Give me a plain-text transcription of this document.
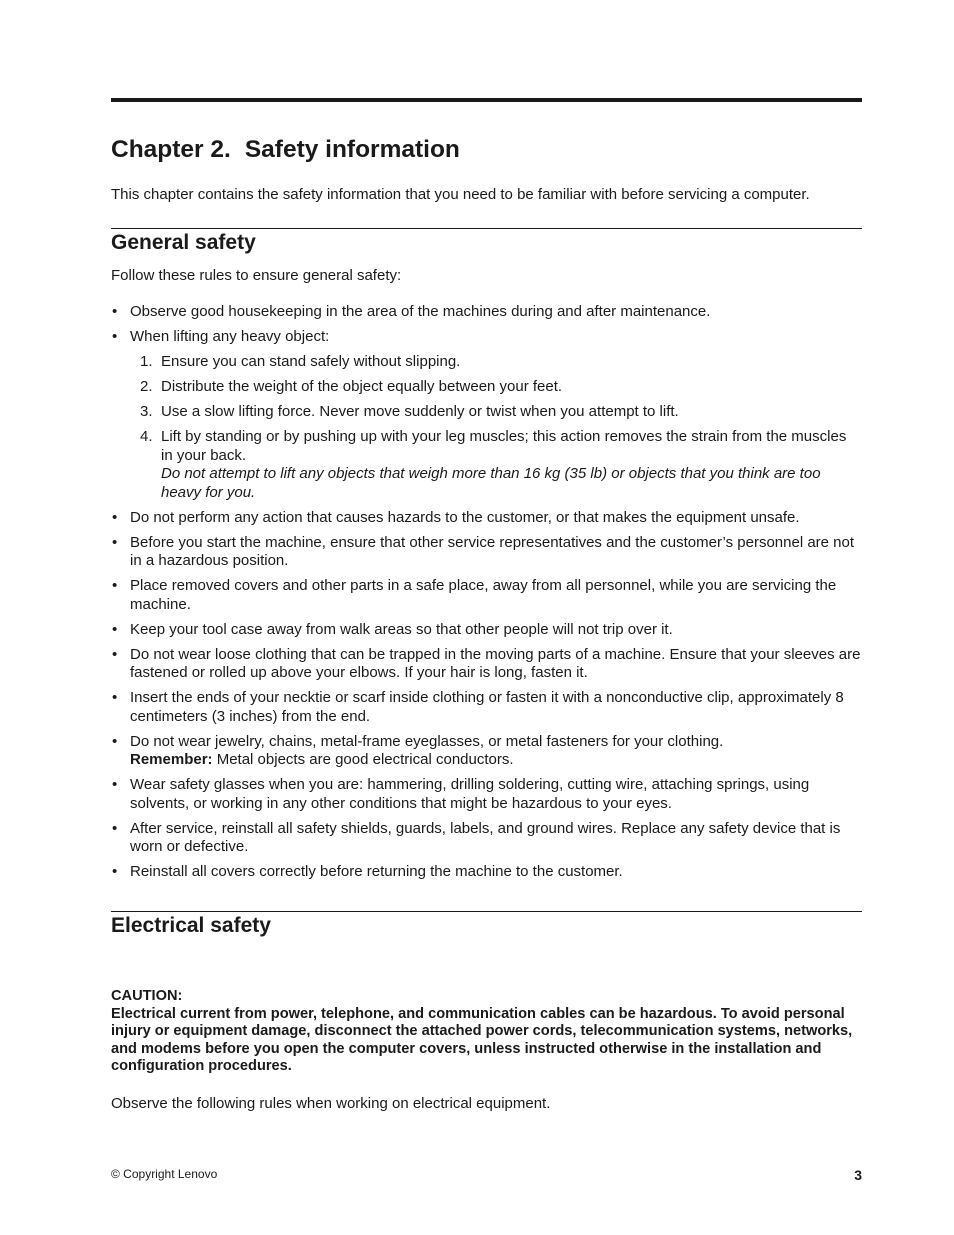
Chapter 2. Safety information

This chapter contains the safety information that you need to be familiar with before servicing a computer.

General safety

Follow these rules to ensure general safety:

• Observe good housekeeping in the area of the machines during and after maintenance.
• When lifting any heavy object:
1. Ensure you can stand safely without slipping.
2. Distribute the weight of the object equally between your feet.
3. Use a slow lifting force. Never move suddenly or twist when you attempt to lift.
4. Lift by standing or by pushing up with your leg muscles; this action removes the strain from the muscles in your back.
Do not attempt to lift any objects that weigh more than 16 kg (35 lb) or objects that you think are too heavy for you.
• Do not perform any action that causes hazards to the customer, or that makes the equipment unsafe.
• Before you start the machine, ensure that other service representatives and the customer’s personnel are not in a hazardous position.
• Place removed covers and other parts in a safe place, away from all personnel, while you are servicing the machine.
• Keep your tool case away from walk areas so that other people will not trip over it.
• Do not wear loose clothing that can be trapped in the moving parts of a machine. Ensure that your sleeves are fastened or rolled up above your elbows. If your hair is long, fasten it.
• Insert the ends of your necktie or scarf inside clothing or fasten it with a nonconductive clip, approximately 8 centimeters (3 inches) from the end.
• Do not wear jewelry, chains, metal-frame eyeglasses, or metal fasteners for your clothing.
Remember: Metal objects are good electrical conductors.
• Wear safety glasses when you are: hammering, drilling soldering, cutting wire, attaching springs, using solvents, or working in any other conditions that might be hazardous to your eyes.
• After service, reinstall all safety shields, guards, labels, and ground wires. Replace any safety device that is worn or defective.
• Reinstall all covers correctly before returning the machine to the customer.
Electrical safety
CAUTION:
Electrical current from power, telephone, and communication cables can be hazardous. To avoid personal injury or equipment damage, disconnect the attached power cords, telecommunication systems, networks, and modems before you open the computer covers, unless instructed otherwise in the installation and configuration procedures.

Observe the following rules when working on electrical equipment.

© Copyright Lenovo	3
